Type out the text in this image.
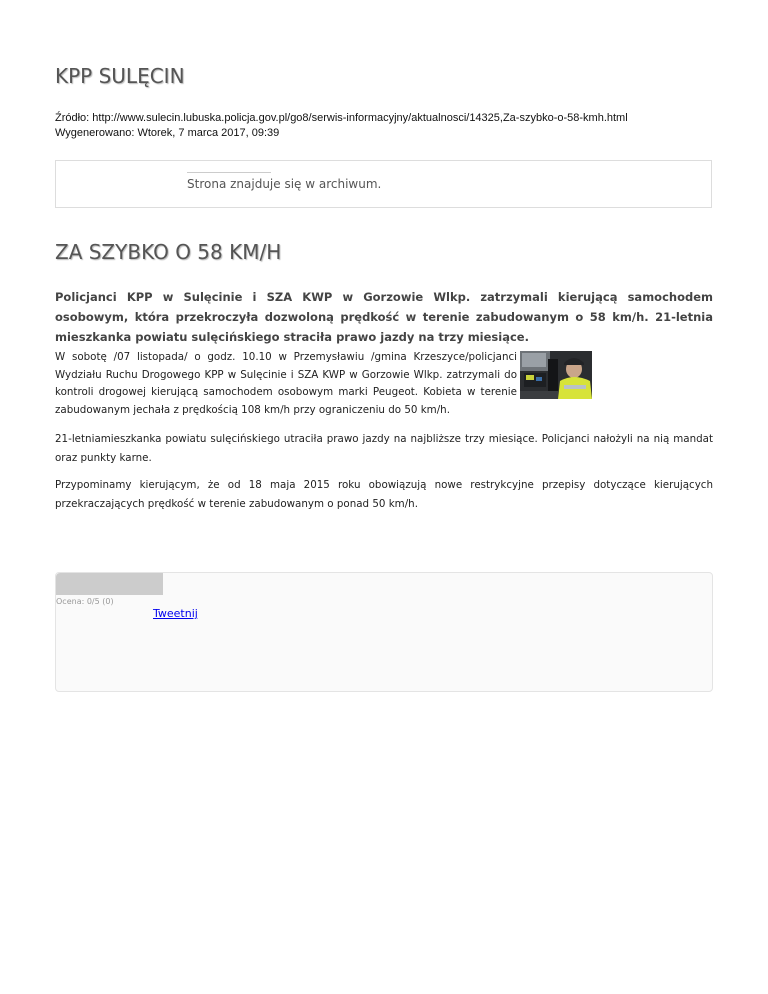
KPP SULĘCIN
Źródło: http://www.sulecin.lubuska.policja.gov.pl/go8/serwis-informacyjny/aktualnosci/14325,Za-szybko-o-58-kmh.html
Wygenerowano: Wtorek, 7 marca 2017, 09:39
Strona znajduje się w archiwum.
ZA SZYBKO O 58 KM/H

Policjanci KPP w Sulęcinie i SZA KWP w Gorzowie Wlkp. zatrzymali kierującą samochodem osobowym, która przekroczyła dozwoloną prędkość w terenie zabudowanym o 58 km/h. 21-letnia mieszkanka powiatu sulęcińskiego straciła prawo jazdy na trzy miesiące.

W sobotę /07 listopada/ o godz. 10.10 w Przemysławiu /gmina Krzeszyce/policjanci Wydziału Ruchu Drogowego KPP w Sulęcinie i SZA KWP w Gorzowie Wlkp. zatrzymali do kontroli drogowej kierującą samochodem osobowym marki Peugeot. Kobieta w terenie zabudowanym jechała z prędkością 108 km/h przy ograniczeniu do 50 km/h.

21-letniamieszkanka powiatu sulęcińskiego utraciła prawo jazdy na najbliższe trzy miesiące. Policjanci nałożyli na nią mandat oraz punkty karne.

Przypominamy kierującym, że od 18 maja 2015 roku obowiązują nowe restrykcyjne przepisy dotyczące kierujących przekraczających prędkość w terenie zabudowanym o ponad 50 km/h.

Ocena: 0/5 (0)
Tweetnij
